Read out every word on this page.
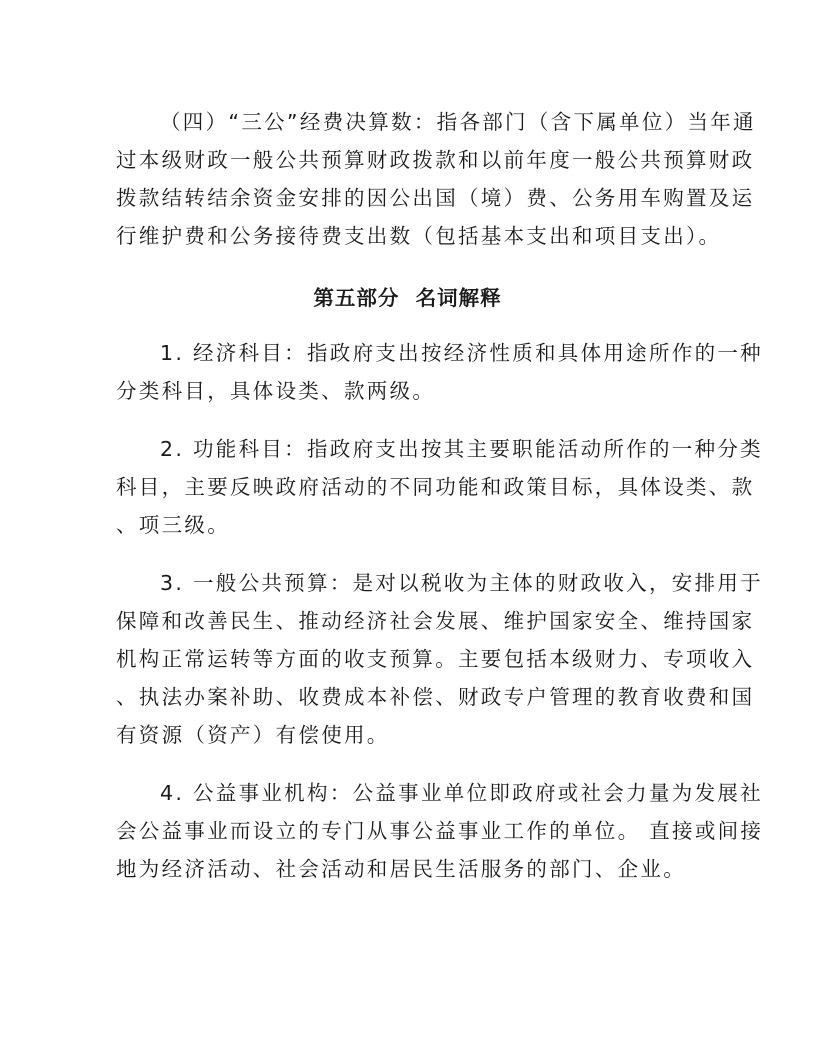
（四）“三公”经费决算数：指各部门（含下属单位）当年通
过本级财政一般公共预算财政拨款和以前年度一般公共预算财政
拨款结转结余资金安排的因公出国（境）费、公务用车购置及运
行维护费和公务接待费支出数（包括基本支出和项目支出）。
第五部分  名词解释
1. 经济科目：指政府支出按经济性质和具体用途所作的一种
分类科目，具体设类、款两级。
2. 功能科目：指政府支出按其主要职能活动所作的一种分类
科目，主要反映政府活动的不同功能和政策目标，具体设类、款
、项三级。
3. 一般公共预算：是对以税收为主体的财政收入，安排用于
保障和改善民生、推动经济社会发展、维护国家安全、维持国家
机构正常运转等方面的收支预算。主要包括本级财力、专项收入
、执法办案补助、收费成本补偿、财政专户管理的教育收费和国
有资源（资产）有偿使用。
4. 公益事业机构：公益事业单位即政府或社会力量为发展社
会公益事业而设立的专门从事公益事业工作的单位。 直接或间接
地为经济活动、社会活动和居民生活服务的部门、企业。
